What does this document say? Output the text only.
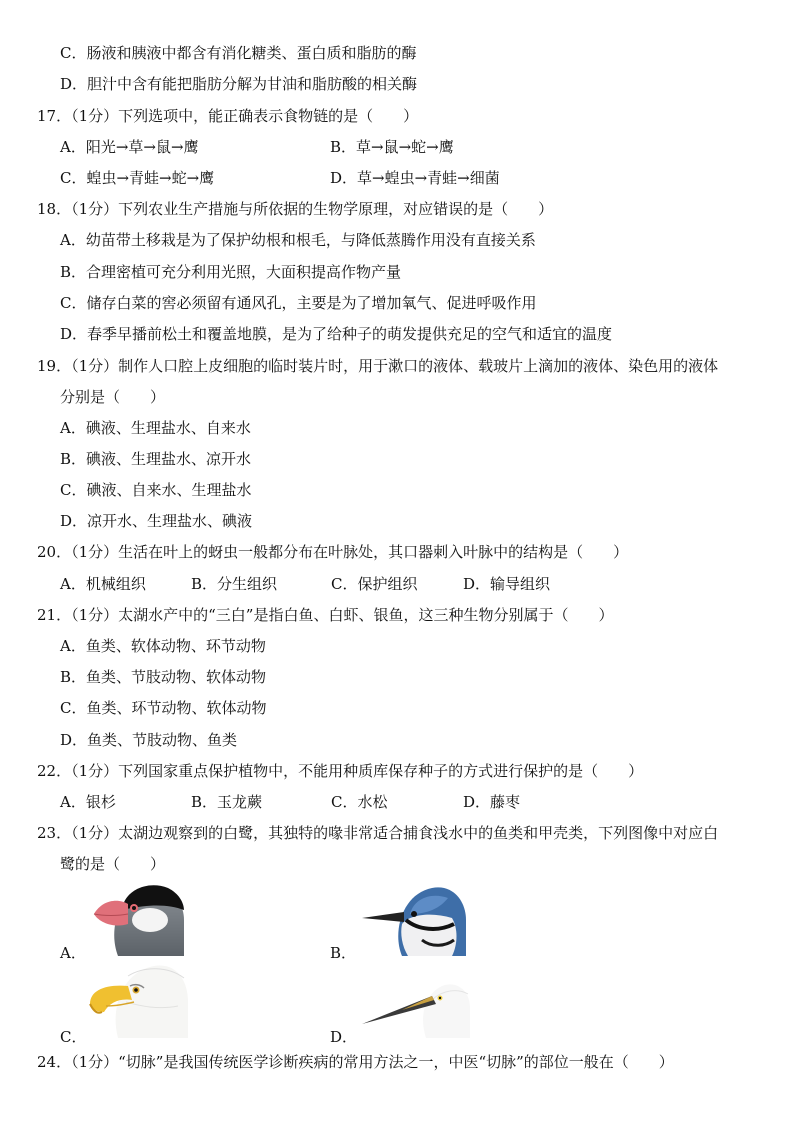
C．肠液和胰液中都含有消化糖类、蛋白质和脂肪的酶
D．胆汁中含有能把脂肪分解为甘油和脂肪酸的相关酶
17．（1分）下列选项中，能正确表示食物链的是（　　）
A．阳光→草→鼠→鹰	B．草→鼠→蛇→鹰
C．蝗虫→青蛙→蛇→鹰	D．草→蝗虫→青蛙→细菌
18．（1分）下列农业生产措施与所依据的生物学原理，对应错误的是（　　）
A．幼苗带土移栽是为了保护幼根和根毛，与降低蒸腾作用没有直接关系
B．合理密植可充分利用光照，大面积提高作物产量
C．储存白菜的窖必须留有通风孔，主要是为了增加氧气、促进呼吸作用
D．春季早播前松土和覆盖地膜，是为了给种子的萌发提供充足的空气和适宜的温度
19．（1分）制作人口腔上皮细胞的临时装片时，用于漱口的液体、载玻片上滴加的液体、染色用的液体
分别是（　　）
A．碘液、生理盐水、自来水
B．碘液、生理盐水、凉开水
C．碘液、自来水、生理盐水
D．凉开水、生理盐水、碘液
20．（1分）生活在叶上的蚜虫一般都分布在叶脉处，其口器刺入叶脉中的结构是（　　）
A．机械组织	B．分生组织	C．保护组织	D．输导组织
21．（1分）太湖水产中的“三白”是指白鱼、白虾、银鱼，这三种生物分别属于（　　）
A．鱼类、软体动物、环节动物
B．鱼类、节肢动物、软体动物
C．鱼类、环节动物、软体动物
D．鱼类、节肢动物、鱼类
22．（1分）下列国家重点保护植物中，不能用种质库保存种子的方式进行保护的是（　　）
A．银杉	B．玉龙蕨	C．水松	D．藤枣
23．（1分）太湖边观察到的白鹭，其独特的喙非常适合捕食浅水中的鱼类和甲壳类，下列图像中对应白
鹭的是（　　）
A．	B．
C．	D．
24．（1分）“切脉”是我国传统医学诊断疾病的常用方法之一，中医“切脉”的部位一般在（　　）
